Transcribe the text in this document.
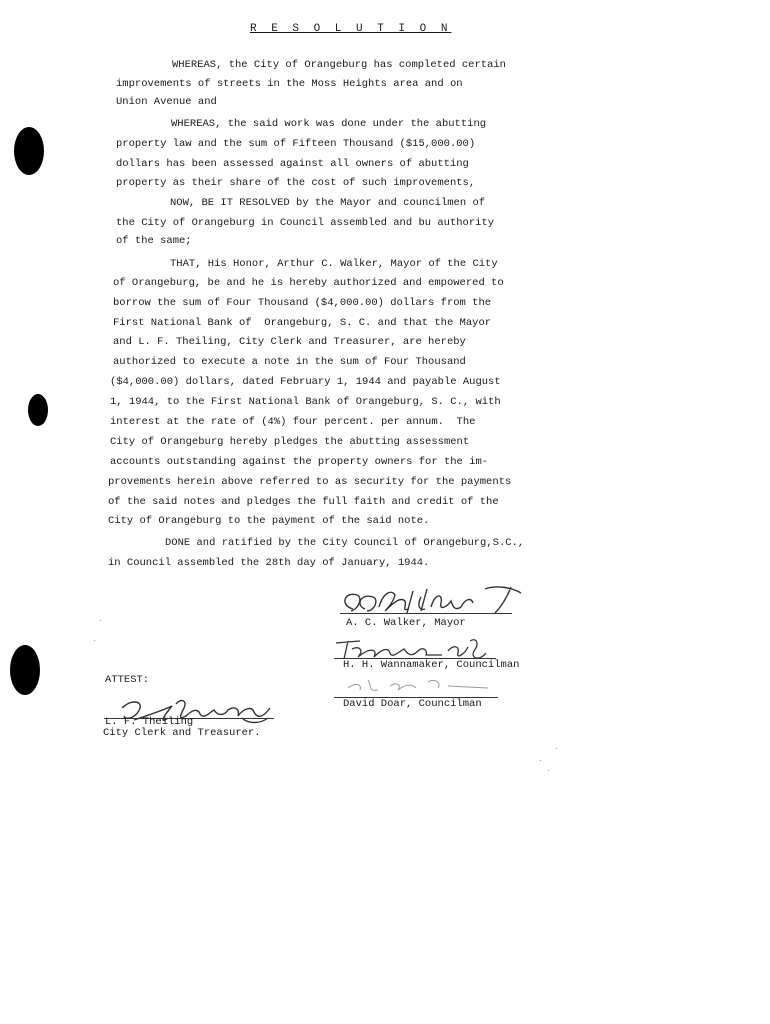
R E S O L U T I O N
WHEREAS, the City of Orangeburg has completed certain
improvements of streets in the Moss Heights area and on
Union Avenue and
WHEREAS, the said work was done under the abutting
property law and the sum of Fifteen Thousand ($15,000.00)
dollars has been assessed against all owners of abutting
property as their share of the cost of such improvements,
NOW, BE IT RESOLVED by the Mayor and councilmen of
the City of Orangeburg in Council assembled and bu authority
of the same;
THAT, His Honor, Arthur C. Walker, Mayor of the City
of Orangeburg, be and he is hereby authorized and empowered to
borrow the sum of Four Thousand ($4,000.00) dollars from the
First National Bank of  Orangeburg, S. C. and that the Mayor
and L. F. Theiling, City Clerk and Treasurer, are hereby
authorized to execute a note in the sum of Four Thousand
($4,000.00) dollars, dated February 1, 1944 and payable August
1, 1944, to the First National Bank of Orangeburg, S. C., with
interest at the rate of (4%) four percent. per annum.  The
City of Orangeburg hereby pledges the abutting assessment
accounts outstanding against the property owners for the im-
provements herein above referred to as security for the payments
of the said notes and pledges the full faith and credit of the
City of Orangeburg to the payment of the said note.
DONE and ratified by the City Council of Orangeburg,S.C.,
in Council assembled the 28th day of January, 1944.
A. C. Walker, Mayor
H. H. Wannamaker, Councilman
David Doar, Councilman
ATTEST:
L. F. Theiling
City Clerk and Treasurer.
